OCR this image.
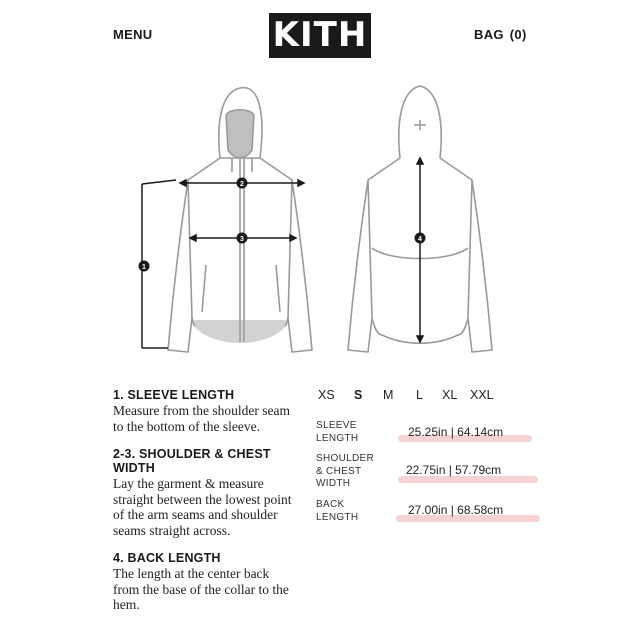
MENU	KITH	BAG (0)
1
2
3	4
1. SLEEVE LENGTH
Measure from the shoulder seam to the bottom of the sleeve.
2-3. SHOULDER & CHEST WIDTH
Lay the garment & measure straight between the lowest point of the arm seams and shoulder seams straight across.
4. BACK LENGTH
The length at the center back from the base of the collar to the hem.
XS S M L XL XXL
SLEEVE
LENGTH	25.25in | 64.14cm
SHOULDER
& CHEST
WIDTH
22.75in | 57.79cm
BACK
LENGTH	27.00in | 68.58cm
